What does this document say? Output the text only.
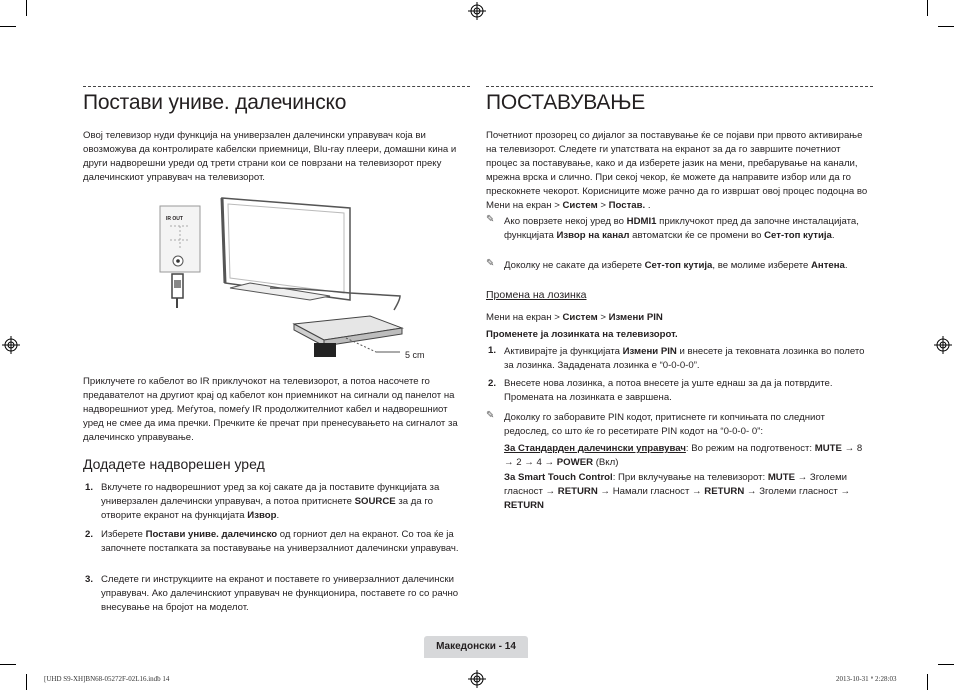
Постави униве. далечинско
Овој телевизор нуди функција на универзален далечински управувач која ви овозможува да контролирате кабелски приемници, Blu-ray плеери, домашни кина и други надворешни уреди од трети страни кои се поврзани на телевизорот преку далечинскиот управувач на телевизорот.
IR OUT
5 cm
Приклучете го кабелот во IR приклучокот на телевизорот, а потоа насочете го предавателот на другиот крај од кабелот кон приемникот на сигнали од панелот на надворешниот уред. Меѓутоа, помеѓу IR продолжителниот кабел и надворешниот уред не смее да има пречки. Пречките ќе пречат при пренесувањето на сигналот за далечинско управување.
Додадете надворешен уред
1. Вклучете го надворешниот уред за кој сакате да ја поставите функцијата за универзален далечински управувач, а потоа притиснете SOURCE за да го отворите екранот на функцијата Извор.
2. Изберете Постави униве. далечинско од горниот дел на екранот. Со тоа ќе ја започнете постапката за поставување на универзалниот далечински управувач.
3. Следете ги инструкциите на екранот и поставете го универзалниот далечински управувач. Ако далечинскиот управувач не функционира, поставете го со рачно внесување на бројот на моделот.
ПОСТАВУВАЊЕ
Почетниот прозорец со дијалог за поставување ќе се појави при првото активирање на телевизорот. Следете ги упатствата на екранот за да го завршите почетниот процес за поставување, како и да изберете јазик на мени, пребарување на канали, мрежна врска и слично. При секој чекор, ќе можете да направите избор или да го прескокнете чекорот. Корисниците може рачно да го извршат овој процес подоцна во Мени на екран > Систем > Постав. .
✎ Ако поврзете некој уред во HDMI1 приклучокот пред да започне инсталацијата, функцијата Извор на канал автоматски ќе се промени во Сет-топ кутија.
✎ Доколку не сакате да изберете Сет-топ кутија, ве молиме изберете Антена.
Промена на лозинка
Мени на екран > Систем > Измени PIN
Променете ја лозинката на телевизорот.
1. Активирајте ја функцијата Измени PIN и внесете ја тековната лозинка во полето за лозинка. Зададената лозинка е “0-0-0-0”.
2. Внесете нова лозинка, а потоа внесете ја уште еднаш за да ја потврдите. Промената на лозинката е завршена.
✎ Доколку го заборавите PIN кодот, притиснете ги копчињата по следниот редослед, со што ќе го ресетирате PIN кодот на “0-0-0- 0”:
За Стандарден далечински управувач: Во режим на подготвеност: MUTE → 8 → 2 → 4 → POWER (Вкл)
За Smart Touch Control: При вклучување на телевизорот: MUTE → Зголеми гласност → RETURN → Намали гласност → RETURN → Зголеми гласност → RETURN
Македонски - 14
[UHD S9-XH]BN68-05272F-02L16.indb 14	2013-10-31 ꢀ 2:28:03
